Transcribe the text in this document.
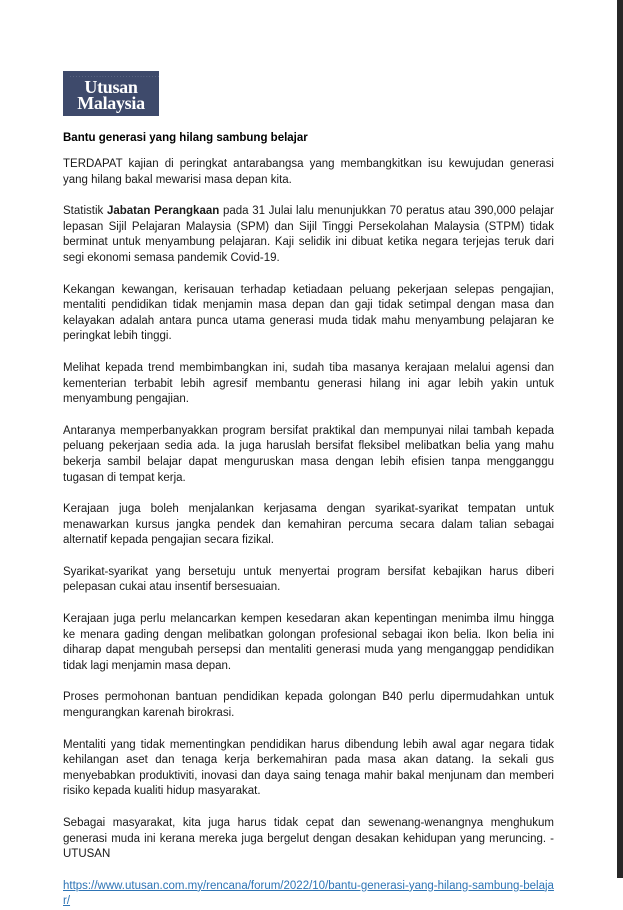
·······························
Utusan
Malaysia
Bantu generasi yang hilang sambung belajar

TERDAPAT kajian di peringkat antarabangsa yang membangkitkan isu kewujudan generasi yang hilang bakal mewarisi masa depan kita.

Statistik Jabatan Perangkaan pada 31 Julai lalu menunjukkan 70 peratus atau 390,000 pelajar lepasan Sijil Pelajaran Malaysia (SPM) dan Sijil Tinggi Persekolahan Malaysia (STPM) tidak berminat untuk menyambung pelajaran. Kaji selidik ini dibuat ketika negara terjejas teruk dari segi ekonomi semasa pandemik Covid-19.

Kekangan kewangan, kerisauan terhadap ketiadaan peluang pekerjaan selepas pengajian, mentaliti pendidikan tidak menjamin masa depan dan gaji tidak setimpal dengan masa dan kelayakan adalah antara punca utama generasi muda tidak mahu menyambung pelajaran ke peringkat lebih tinggi.

Melihat kepada trend membimbangkan ini, sudah tiba masanya kerajaan melalui agensi dan kementerian terbabit lebih agresif membantu generasi hilang ini agar lebih yakin untuk menyambung pengajian.

Antaranya memperbanyakkan program bersifat praktikal dan mempunyai nilai tambah kepada peluang pekerjaan sedia ada. Ia juga haruslah bersifat fleksibel melibatkan belia yang mahu bekerja sambil belajar dapat menguruskan masa dengan lebih efisien tanpa mengganggu tugasan di tempat kerja.

Kerajaan juga boleh menjalankan kerjasama dengan syarikat-syarikat tempatan untuk menawarkan kursus jangka pendek dan kemahiran percuma secara dalam talian sebagai alternatif kepada pengajian secara fizikal.

Syarikat-syarikat yang bersetuju untuk menyertai program bersifat kebajikan harus diberi pelepasan cukai atau insentif bersesuaian.

Kerajaan juga perlu melancarkan kempen kesedaran akan kepentingan menimba ilmu hingga ke menara gading dengan melibatkan golongan profesional sebagai ikon belia. Ikon belia ini diharap dapat mengubah persepsi dan mentaliti generasi muda yang menganggap pendidikan tidak lagi menjamin masa depan.

Proses permohonan bantuan pendidikan kepada golongan B40 perlu dipermudahkan untuk mengurangkan karenah birokrasi.

Mentaliti yang tidak mementingkan pendidikan harus dibendung lebih awal agar negara tidak kehilangan aset dan tenaga kerja berkemahiran pada masa akan datang. Ia sekali gus menyebabkan produktiviti, inovasi dan daya saing tenaga mahir bakal menjunam dan memberi risiko kepada kualiti hidup masyarakat.

Sebagai masyarakat, kita juga harus tidak cepat dan sewenang-wenangnya menghukum generasi muda ini kerana mereka juga bergelut dengan desakan kehidupan yang meruncing. -UTUSAN

https://www.utusan.com.my/rencana/forum/2022/10/bantu-generasi-yang-hilang-sambung-belajar/
